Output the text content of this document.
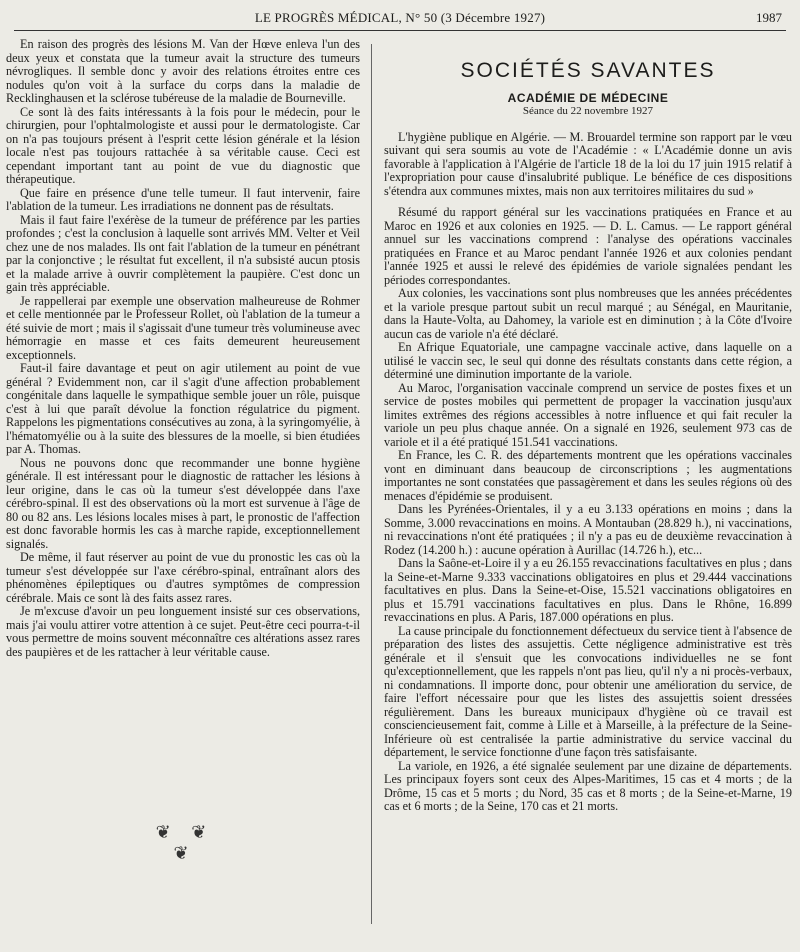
LE PROGRÈS MÉDICAL, N° 50 (3 Décembre 1927)	1987

En raison des progrès des lésions M. Van der Hœve enleva l'un des deux yeux et constata que la tumeur avait la structure des tumeurs névrogliques. Il semble donc y avoir des relations étroites entre ces nodules qu'on voit à la surface du corps dans la maladie de Recklinghausen et la sclérose tubéreuse de la maladie de Bourneville.

Ce sont là des faits intéressants à la fois pour le médecin, pour le chirurgien, pour l'ophtalmologiste et aussi pour le dermatologiste. Car on n'a pas toujours présent à l'esprit cette lésion générale et la lésion locale n'est pas toujours rattachée à sa véritable cause. Ceci est cependant important tant au point de vue du diagnostic que thérapeutique.

Que faire en présence d'une telle tumeur. Il faut intervenir, faire l'ablation de la tumeur. Les irradiations ne donnent pas de résultats.

Mais il faut faire l'exérèse de la tumeur de préférence par les parties profondes ; c'est la conclusion à laquelle sont arrivés MM. Velter et Veil chez une de nos malades. Ils ont fait l'ablation de la tumeur en pénétrant par la conjonctive ; le résultat fut excellent, il n'a subsisté aucun ptosis et la malade arrive à ouvrir complètement la paupière. C'est donc un gain très appréciable.

Je rappellerai par exemple une observation malheureuse de Rohmer et celle mentionnée par le Professeur Rollet, où l'ablation de la tumeur a été suivie de mort ; mais il s'agissait d'une tumeur très volumineuse avec hémorragie en masse et ces faits demeurent heureusement exceptionnels.

Faut-il faire davantage et peut on agir utilement au point de vue général ? Evidemment non, car il s'agit d'une affection probablement congénitale dans laquelle le sympathique semble jouer un rôle, puisque c'est à lui que paraît dévolue la fonction régulatrice du pigment. Rappelons les pigmentations consécutives au zona, à la syringomyélie, à l'hématomyélie ou à la suite des blessures de la moelle, si bien étudiées par A. Thomas.

Nous ne pouvons donc que recommander une bonne hygiène générale. Il est intéressant pour le diagnostic de rattacher les lésions à leur origine, dans le cas où la tumeur s'est développée dans l'axe cérébro-spinal. Il est des observations où la mort est survenue à l'âge de 80 ou 82 ans. Les lésions locales mises à part, le pronostic de l'affection est donc favorable hormis les cas à marche rapide, exceptionnellement signalés.

De même, il faut réserver au point de vue du pronostic les cas où la tumeur s'est développée sur l'axe cérébro-spinal, entraînant alors des phénomènes épileptiques ou d'autres symptômes de compression cérébrale. Mais ce sont là des faits assez rares.

Je m'excuse d'avoir un peu longuement insisté sur ces observations, mais j'ai voulu attirer votre attention à ce sujet. Peut-être ceci pourra-t-il vous permettre de moins souvent méconnaître ces altérations assez rares des paupières et de les rattacher à leur véritable cause.

❦ ❦ ❦
SOCIÉTÉS SAVANTES
ACADÉMIE DE MÉDECINE
Séance du 22 novembre 1927

L'hygiène publique en Algérie. — M. Brouardel termine son rapport par le vœu suivant qui sera soumis au vote de l'Académie : « L'Académie donne un avis favorable à l'application à l'Algérie de l'article 18 de la loi du 17 juin 1915 relatif à l'expropriation pour cause d'insalubrité publique. Le bénéfice de ces dispositions s'étendra aux communes mixtes, mais non aux territoires militaires du sud »

Résumé du rapport général sur les vaccinations pratiquées en France et au Maroc en 1926 et aux colonies en 1925. — D. L. Camus. — Le rapport général annuel sur les vaccinations comprend : l'analyse des opérations vaccinales pratiquées en France et au Maroc pendant l'année 1926 et aux colonies pendant l'année 1925 et aussi le relevé des épidémies de variole signalées pendant les périodes correspondantes.

Aux colonies, les vaccinations sont plus nombreuses que les années précédentes et la variole presque partout subit un recul marqué ; au Sénégal, en Mauritanie, dans la Haute-Volta, au Dahomey, la variole est en diminution ; à la Côte d'Ivoire aucun cas de variole n'a été déclaré.

En Afrique Equatoriale, une campagne vaccinale active, dans laquelle on a utilisé le vaccin sec, le seul qui donne des résultats constants dans cette région, a déterminé une diminution importante de la variole.

Au Maroc, l'organisation vaccinale comprend un service de postes fixes et un service de postes mobiles qui permettent de propager la vaccination jusqu'aux limites extrêmes des régions accessibles à notre influence et qui fait reculer la variole un peu plus chaque année. On a signalé en 1926, seulement 973 cas de variole et il a été pratiqué 151.541 vaccinations.

En France, les C. R. des départements montrent que les opérations vaccinales vont en diminuant dans beaucoup de circonscriptions ; les augmentations importantes ne sont constatées que passagèrement et dans les seules régions où des menaces d'épidémie se produisent.

Dans les Pyrénées-Orientales, il y a eu 3.133 opérations en moins ; dans la Somme, 3.000 revaccinations en moins. A Montauban (28.829 h.), ni vaccinations, ni revaccinations n'ont été pratiquées ; il n'y a pas eu de deuxième revaccination à Rodez (14.200 h.) : aucune opération à Aurillac (14.726 h.), etc...

Dans la Saône-et-Loire il y a eu 26.155 revaccinations facultatives en plus ; dans la Seine-et-Marne 9.333 vaccinations obligatoires en plus et 29.444 vaccinations facultatives en plus. Dans la Seine-et-Oise, 15.521 vaccinations obligatoires en plus et 15.791 vaccinations facultatives en plus. Dans le Rhône, 16.899 revaccinations en plus. A Paris, 187.000 opérations en plus.

La cause principale du fonctionnement défectueux du service tient à l'absence de préparation des listes des assujettis. Cette négligence administrative est très générale et il s'ensuit que les convocations individuelles ne se font qu'exceptionnellement, que les rappels n'ont pas lieu, qu'il n'y a ni procès-verbaux, ni condamnations. Il importe donc, pour obtenir une amélioration du service, de faire l'effort nécessaire pour que les listes des assujettis soient dressées régulièrement. Dans les bureaux municipaux d'hygiène où ce travail est consciencieusement fait, comme à Lille et à Marseille, à la préfecture de la Seine-Inférieure où est centralisée la partie administrative du service vaccinal du département, le service fonctionne d'une façon très satisfaisante.

La variole, en 1926, a été signalée seulement par une dizaine de départements. Les principaux foyers sont ceux des Alpes-Maritimes, 15 cas et 4 morts ; de la Drôme, 15 cas et 5 morts ; du Nord, 35 cas et 8 morts ; de la Seine-et-Marne, 19 cas et 6 morts ; de la Seine, 170 cas et 21 morts.
